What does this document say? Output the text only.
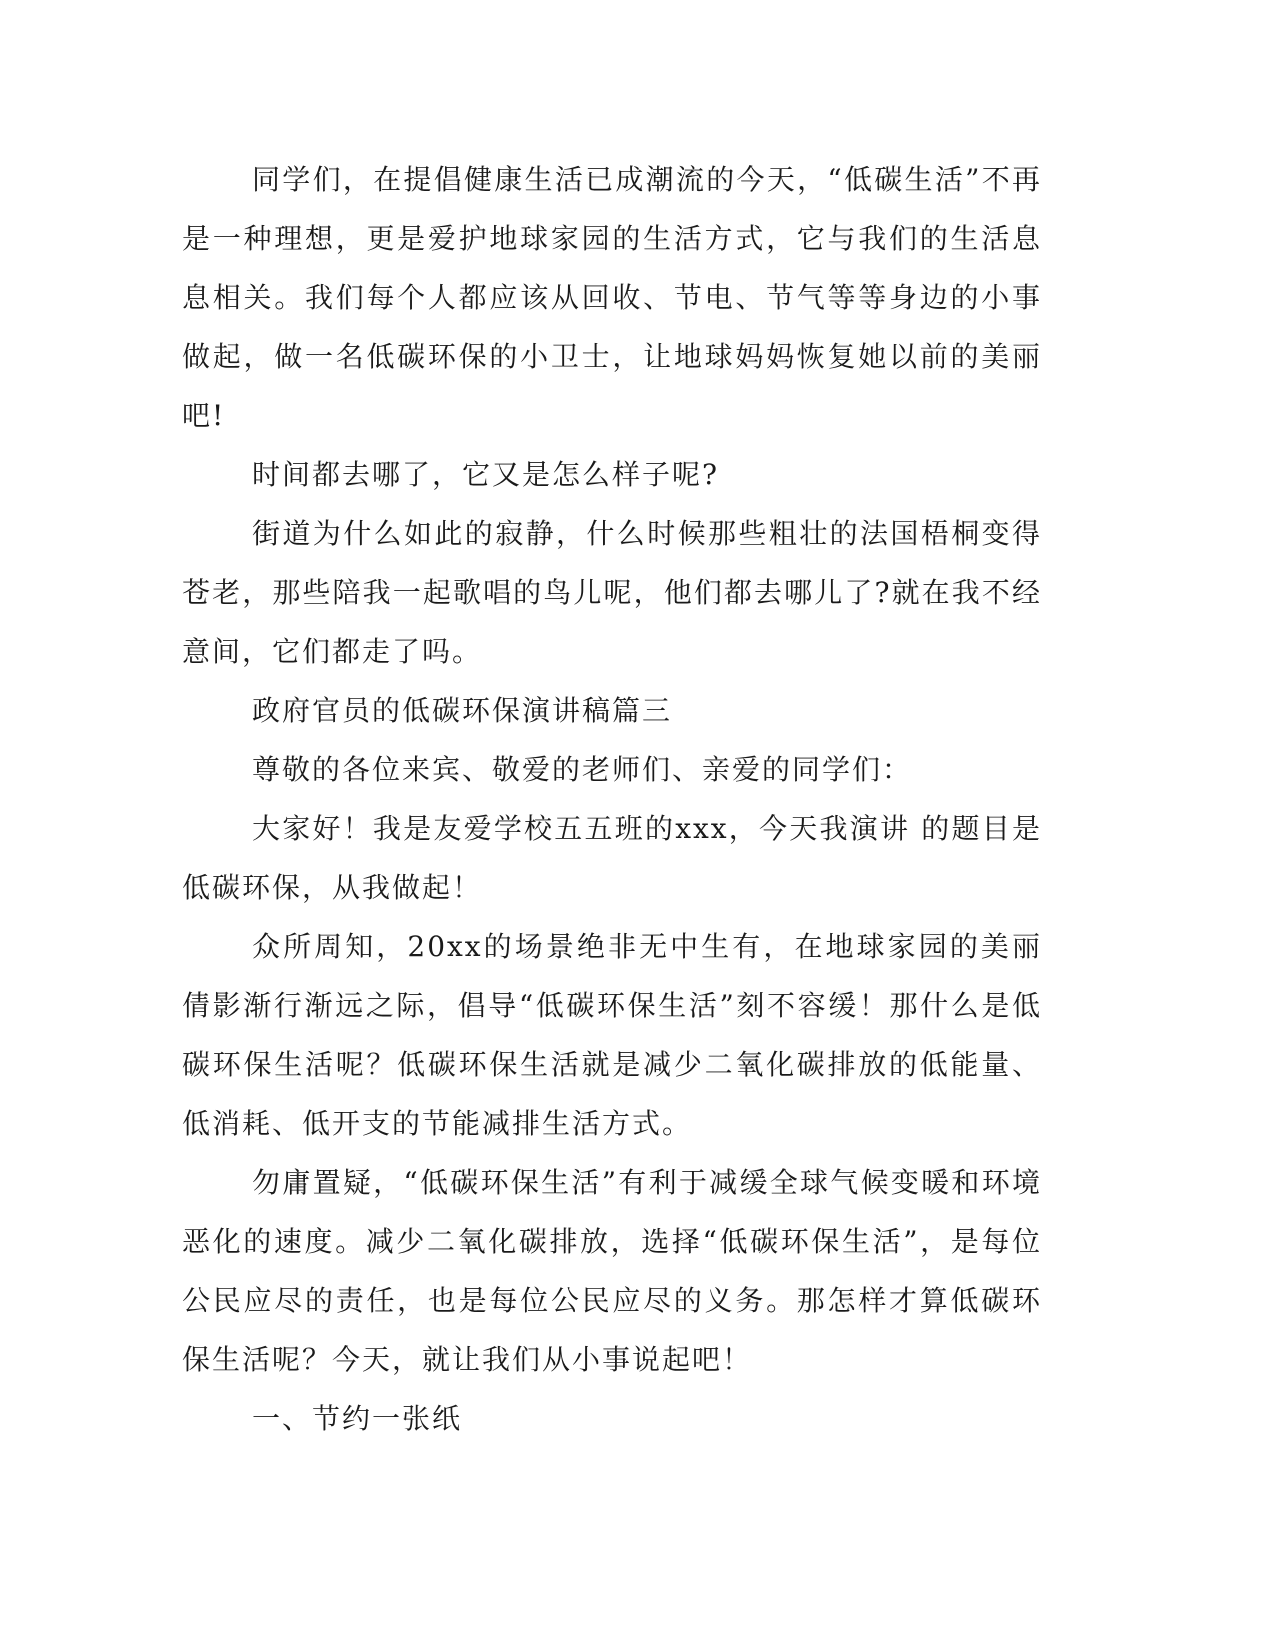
同学们，在提倡健康生活已成潮流的今天，“低碳生活”不再是一种理想，更是爱护地球家园的生活方式，它与我们的生活息息相关。我们每个人都应该从回收、节电、节气等等身边的小事做起，做一名低碳环保的小卫士，让地球妈妈恢复她以前的美丽吧!

时间都去哪了，它又是怎么样子呢?

街道为什么如此的寂静，什么时候那些粗壮的法国梧桐变得苍老，那些陪我一起歌唱的鸟儿呢，他们都去哪儿了?就在我不经意间，它们都走了吗。

政府官员的低碳环保演讲稿篇三

尊敬的各位来宾、敬爱的老师们、亲爱的同学们：

大家好！我是友爱学校五五班的xxx，今天我演讲 的题目是低碳环保，从我做起！

众所周知，20xx的场景绝非无中生有，在地球家园的美丽倩影渐行渐远之际，倡导“低碳环保生活”刻不容缓！那什么是低碳环保生活呢？低碳环保生活就是减少二氧化碳排放的低能量、低消耗、低开支的节能减排生活方式。

勿庸置疑，“低碳环保生活”有利于减缓全球气候变暖和环境恶化的速度。减少二氧化碳排放，选择“低碳环保生活”，是每位公民应尽的责任，也是每位公民应尽的义务。那怎样才算低碳环保生活呢？今天，就让我们从小事说起吧！

一、节约一张纸
